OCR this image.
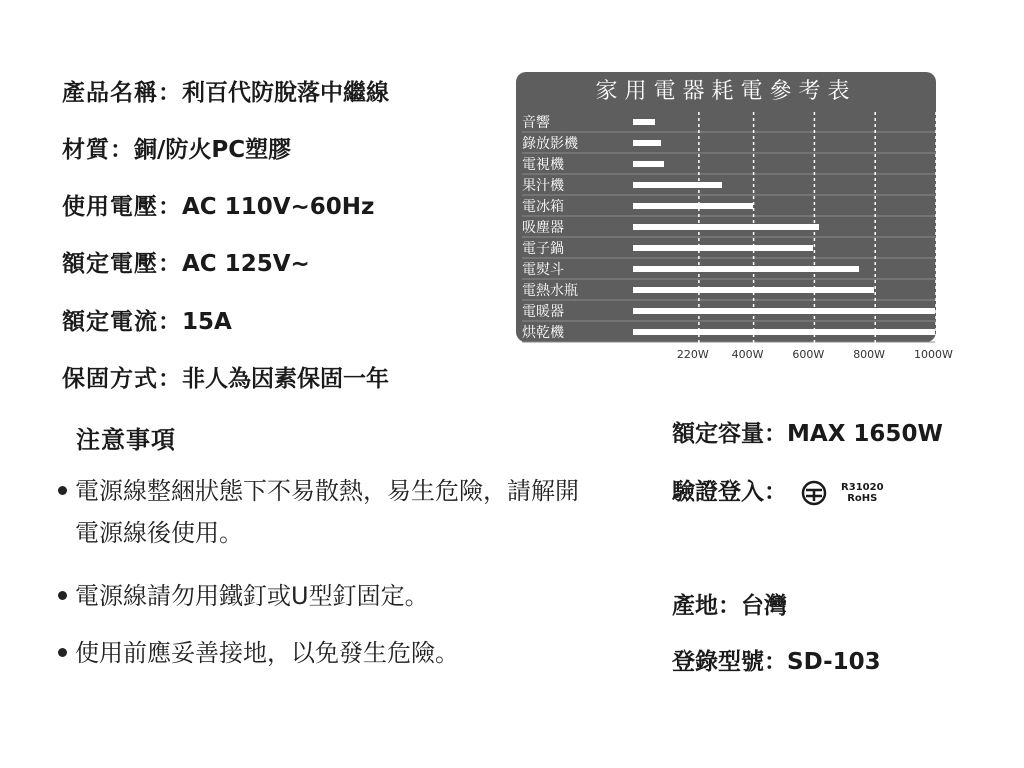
產品名稱：利百代防脫落中繼線
材質：銅/防火PC塑膠
使用電壓：AC 110V~60Hz
額定電壓：AC 125V~
額定電流：15A
保固方式：非人為因素保固一年
家用電器耗電參考表
音響
錄放影機
電視機
果汁機
電冰箱
吸塵器
電子鍋
電熨斗
電熱水瓶
電暖器
烘乾機
220W 400W	600W	800W	1000W
注意事項
電源線整綑狀態下不易散熱，易生危險，請解開
電源線後使用。
電源線請勿用鐵釘或U型釘固定。
使用前應妥善接地，以免發生危險。
額定容量：MAX 1650W
驗證登入：	R31020
RoHS
產地：台灣
登錄型號：SD-103
